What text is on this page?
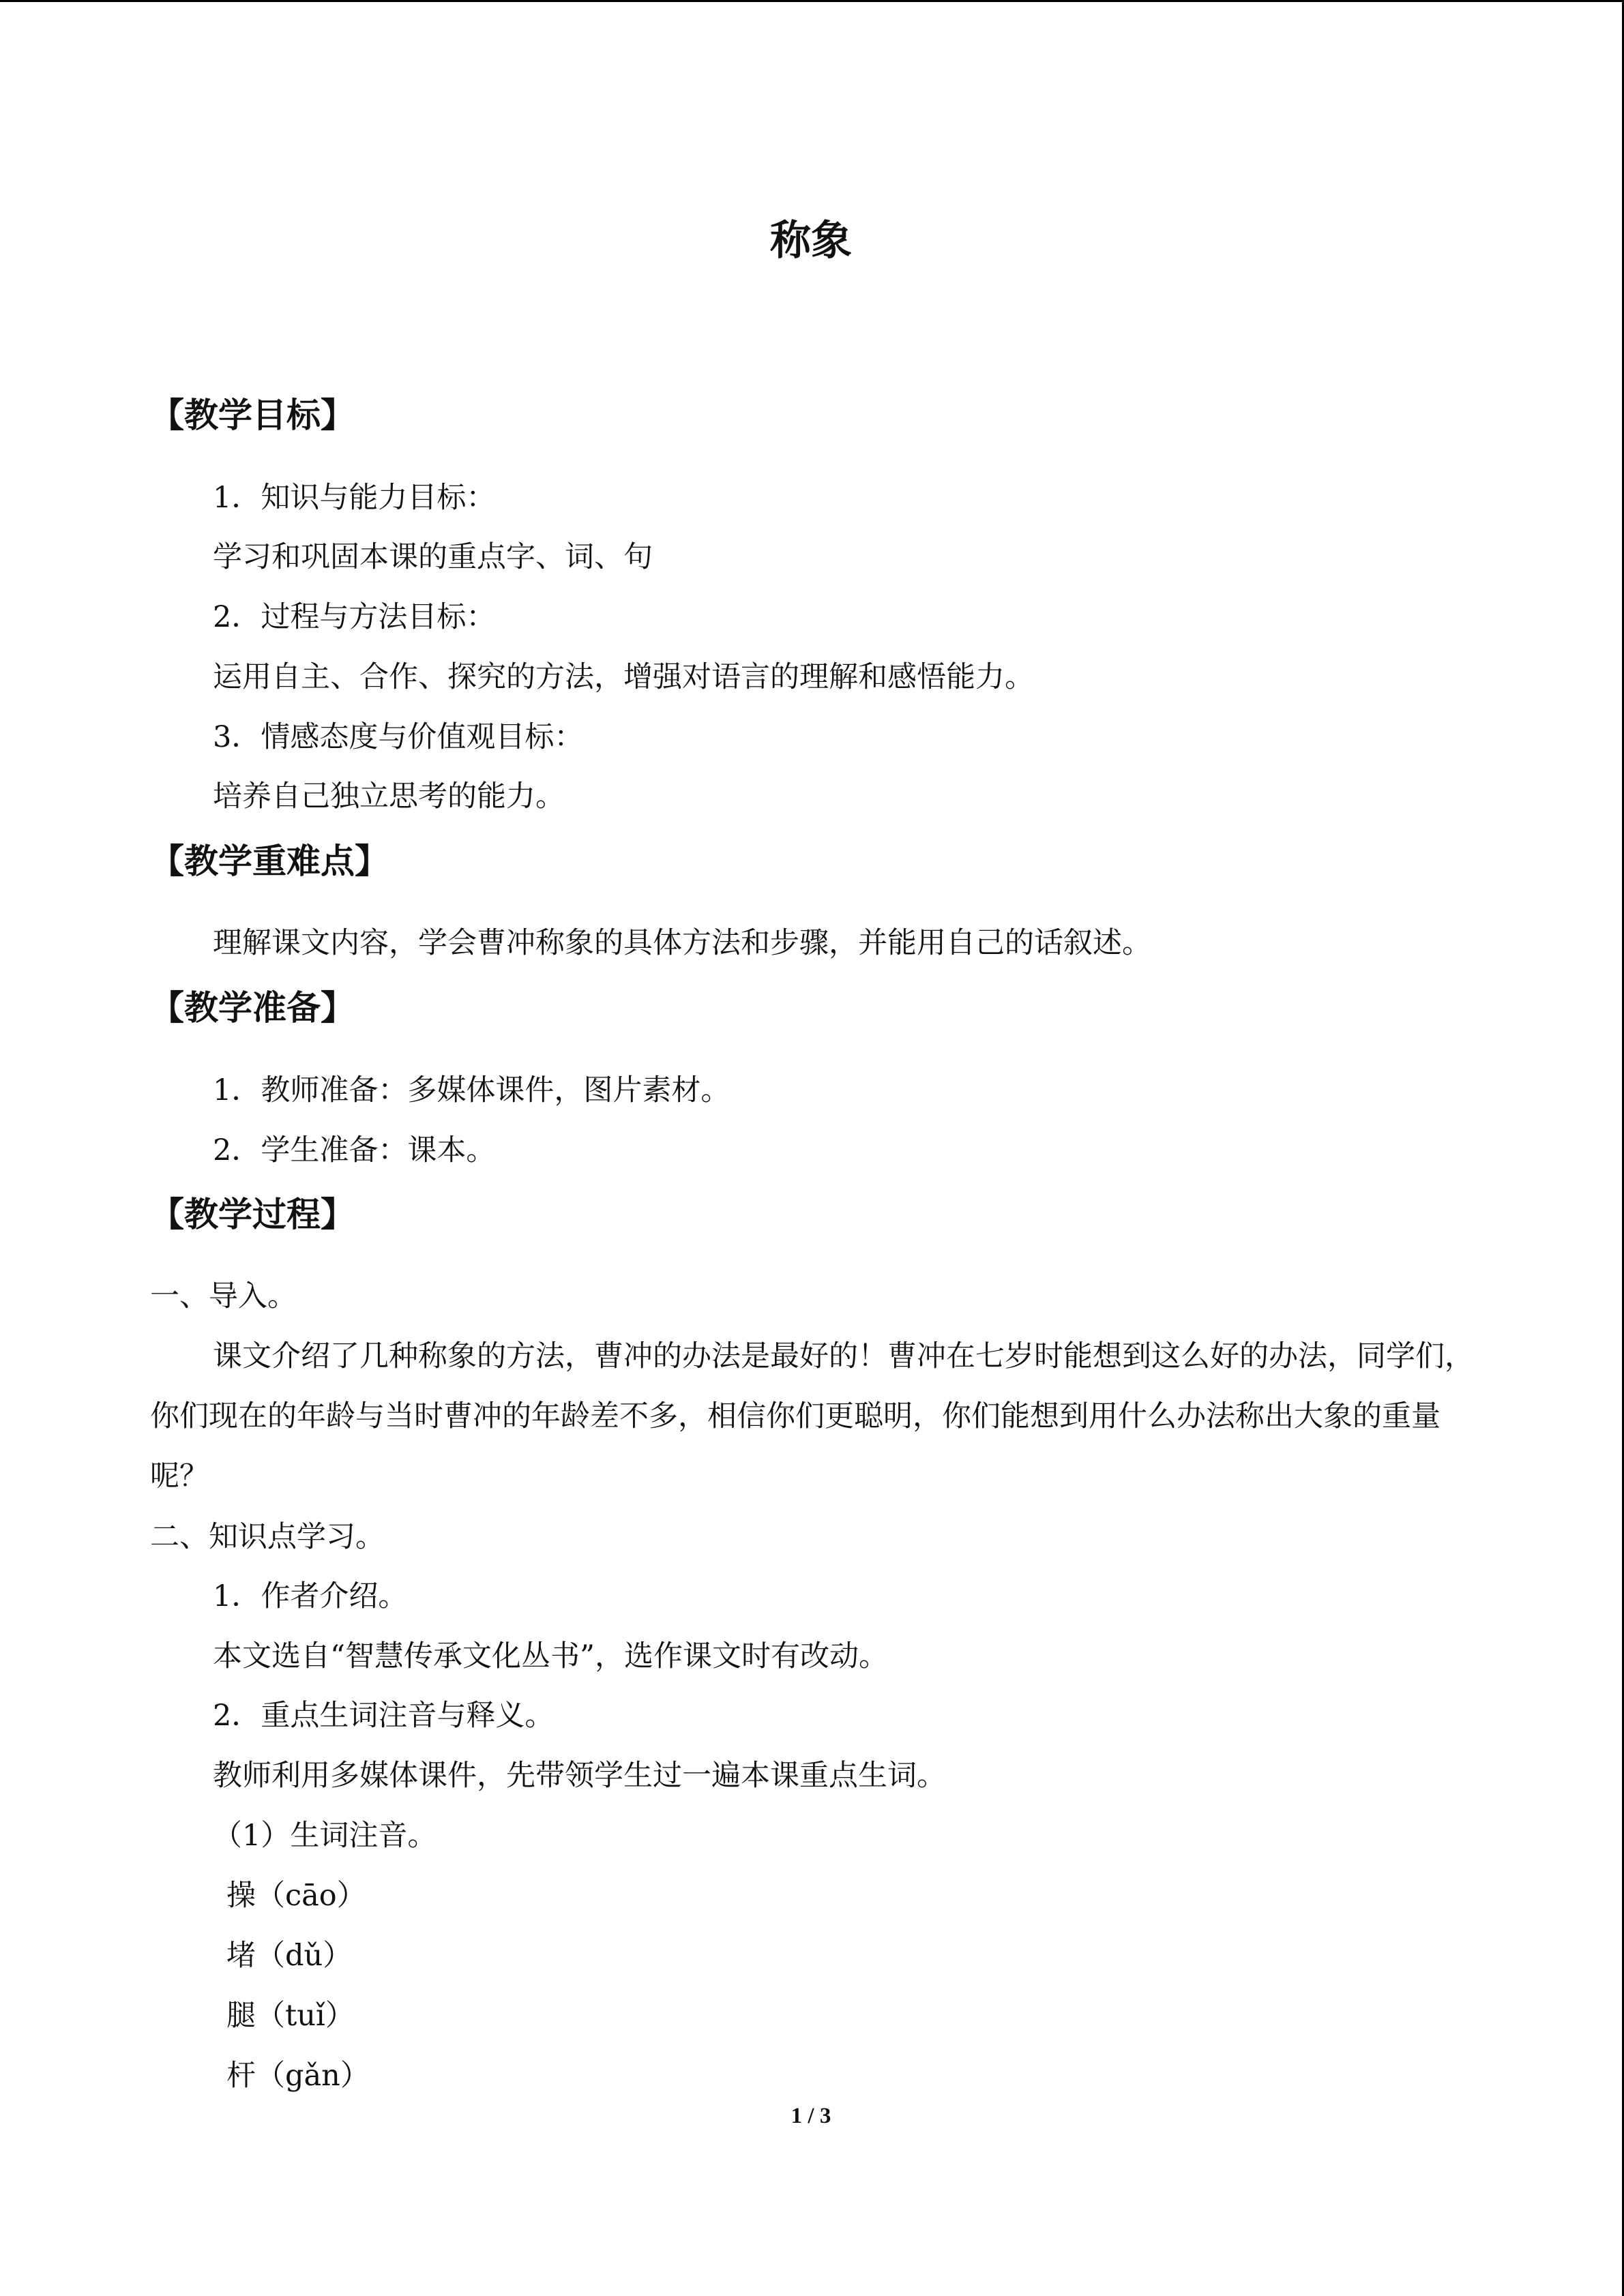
称象
【教学目标】
1．知识与能力目标：
学习和巩固本课的重点字、词、句
2．过程与方法目标：
运用自主、合作、探究的方法，增强对语言的理解和感悟能力。
3．情感态度与价值观目标：
培养自己独立思考的能力。
【教学重难点】
理解课文内容，学会曹冲称象的具体方法和步骤，并能用自己的话叙述。
【教学准备】
1．教师准备：多媒体课件，图片素材。
2．学生准备：课本。
【教学过程】
一、导入。
课文介绍了几种称象的方法，曹冲的办法是最好的！曹冲在七岁时能想到这么好的办法，同学们，你们现在的年龄与当时曹冲的年龄差不多，相信你们更聪明，你们能想到用什么办法称出大象的重量呢？
二、知识点学习。
1．作者介绍。
本文选自“智慧传承文化丛书”，选作课文时有改动。
2．重点生词注音与释义。
教师利用多媒体课件，先带领学生过一遍本课重点生词。
（1）生词注音。
操（cāo）
堵（dǔ）
腿（tuǐ）
杆（gǎn）
1 / 3
